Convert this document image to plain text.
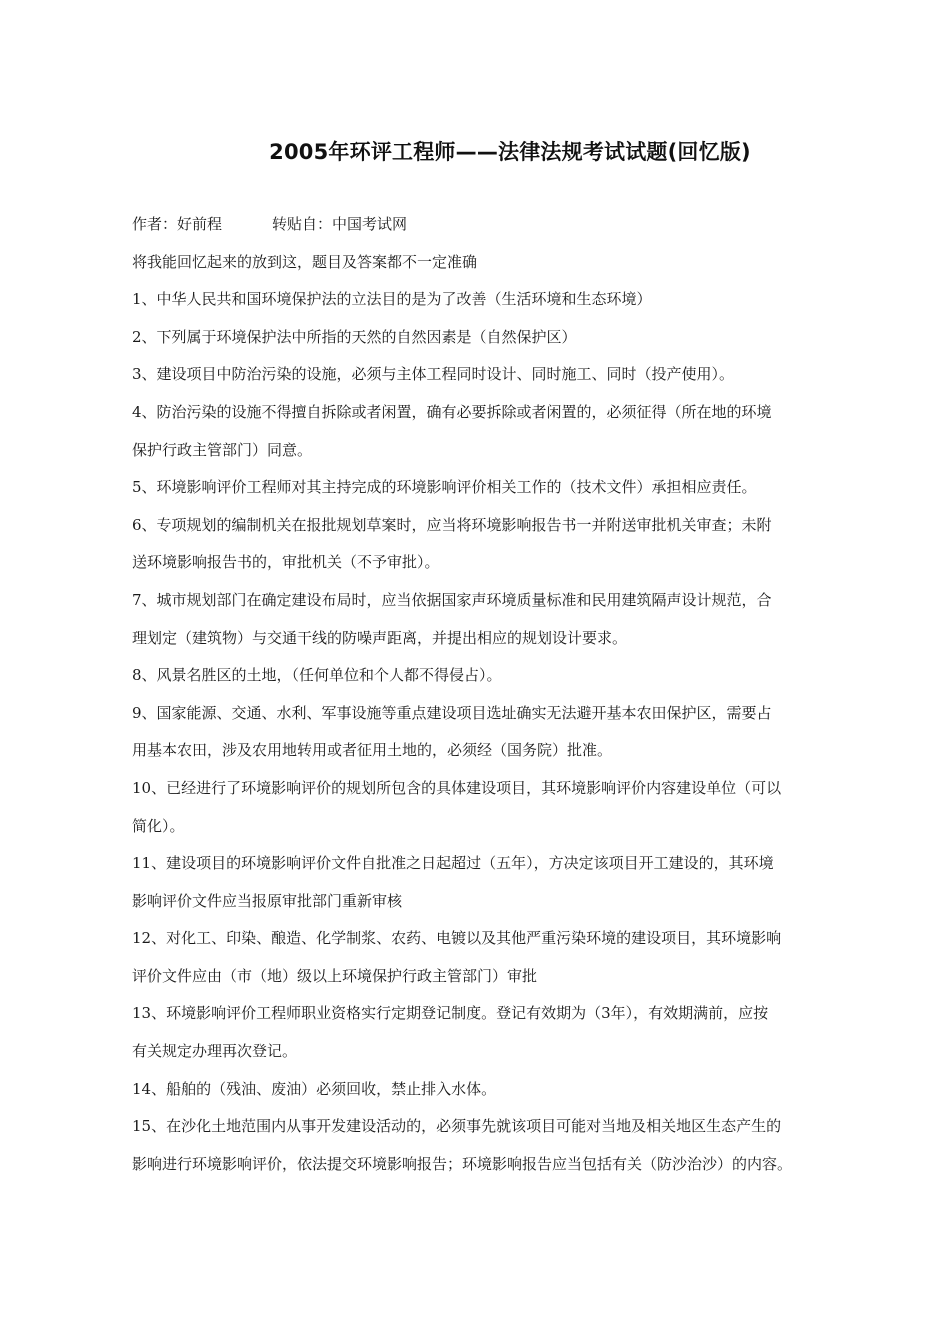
2005年环评工程师——法律法规考试试题(回忆版)
作者：好前程	转贴自：中国考试网
将我能回忆起来的放到这，题目及答案都不一定准确
1、中华人民共和国环境保护法的立法目的是为了改善（生活环境和生态环境）
2、下列属于环境保护法中所指的天然的自然因素是（自然保护区）
3、建设项目中防治污染的设施，必须与主体工程同时设计、同时施工、同时（投产使用）。
4、防治污染的设施不得擅自拆除或者闲置，确有必要拆除或者闲置的，必须征得（所在地的环境
保护行政主管部门）同意。
5、环境影响评价工程师对其主持完成的环境影响评价相关工作的（技术文件）承担相应责任。
6、专项规划的编制机关在报批规划草案时，应当将环境影响报告书一并附送审批机关审查；未附
送环境影响报告书的，审批机关（不予审批）。
7、城市规划部门在确定建设布局时，应当依据国家声环境质量标准和民用建筑隔声设计规范，合
理划定（建筑物）与交通干线的防噪声距离，并提出相应的规划设计要求。
8、风景名胜区的土地，（任何单位和个人都不得侵占）。
9、国家能源、交通、水利、军事设施等重点建设项目选址确实无法避开基本农田保护区，需要占
用基本农田，涉及农用地转用或者征用土地的，必须经（国务院）批准。
10、已经进行了环境影响评价的规划所包含的具体建设项目，其环境影响评价内容建设单位（可以
简化）。
11、建设项目的环境影响评价文件自批准之日起超过（五年），方决定该项目开工建设的，其环境
影响评价文件应当报原审批部门重新审核
12、对化工、印染、酿造、化学制浆、农药、电镀以及其他严重污染环境的建设项目，其环境影响
评价文件应由（市（地）级以上环境保护行政主管部门）审批
13、环境影响评价工程师职业资格实行定期登记制度。登记有效期为（3年），有效期满前，应按
有关规定办理再次登记。
14、船舶的（残油、废油）必须回收，禁止排入水体。
15、在沙化土地范围内从事开发建设活动的，必须事先就该项目可能对当地及相关地区生态产生的
影响进行环境影响评价，依法提交环境影响报告；环境影响报告应当包括有关（防沙治沙）的内容。
